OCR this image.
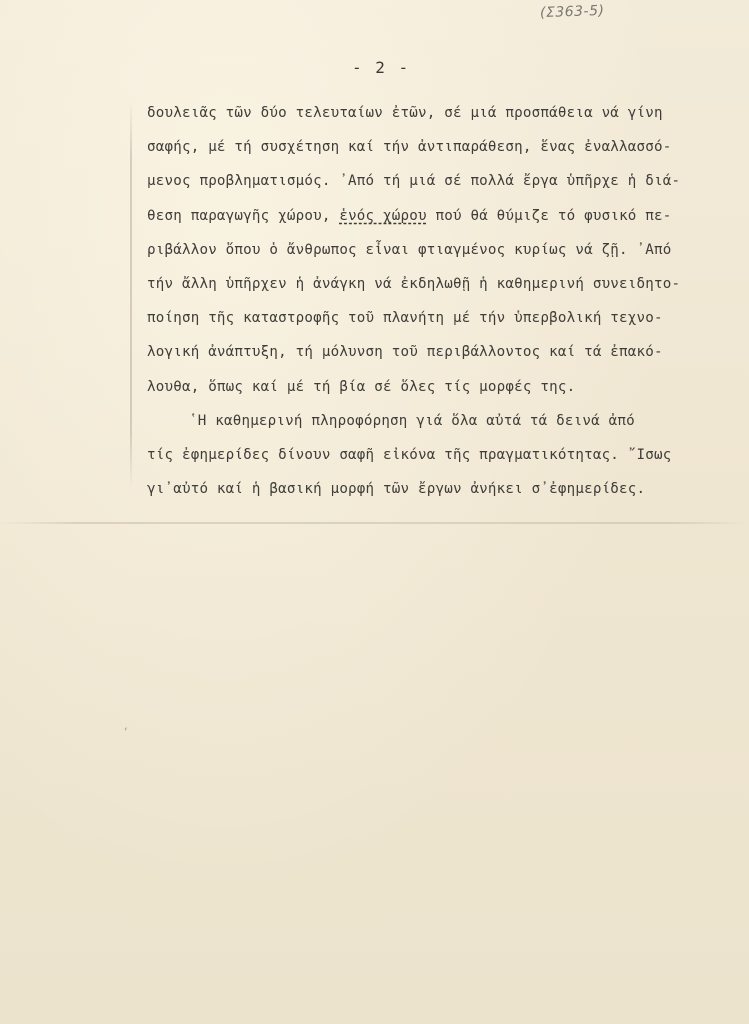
(Σ363-5)
- 2 -
δουλειᾶς τῶν δύο τελευταίων ἐτῶν, σέ μιά προσπάθεια νά γίνη
σαφής, μέ τή συσχέτηση καί τήν ἀντιπαράθεση, ἕνας ἐναλλασσό-
μενος προβληματισμός. ᾿Από τή μιά σέ πολλά ἔργα ὑπῆρχε ἡ διά-
θεση παραγωγῆς χώρου, ἑνός χώρου πού θά θύμιζε τό φυσικό πε-
ριβάλλον ὅπου ὁ ἄνθρωπος εἶναι φτιαγμένος κυρίως νά ζῇ. ᾿Από
τήν ἄλλη ὑπῆρχεν ἡ ἀνάγκη νά ἐκδηλωθῇ ἡ καθημερινή συνειδητο-
ποίηση τῆς καταστροφῆς τοῦ πλανήτη μέ τήν ὑπερβολική τεχνο-
λογική ἀνάπτυξη, τή μόλυνση τοῦ περιβάλλοντος καί τά ἐπακό-
λουθα, ὅπως καί μέ τή βία σέ ὅλες τίς μορφές της.
῾Η καθημερινή πληροφόρηση γιά ὅλα αὐτά τά δεινά ἀπό
τίς ἐφημερίδες δίνουν σαφῆ εἰκόνα τῆς πραγματικότητας. ῎Ισως
γι᾿αὐτό καί ἡ βασική μορφή τῶν ἔργων ἀνήκει σ᾿ἐφημερίδες.
ˏ
